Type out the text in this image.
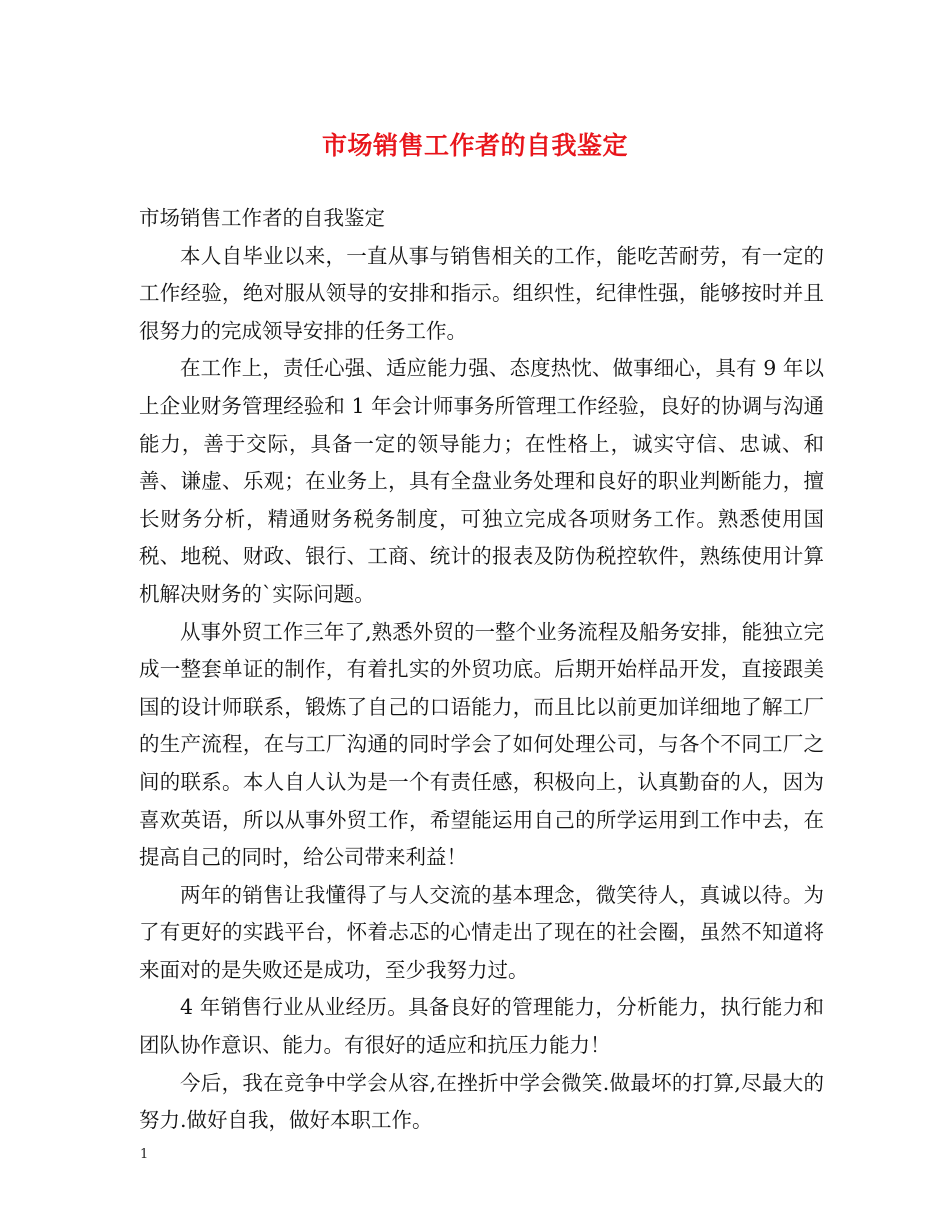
市场销售工作者的自我鉴定

市场销售工作者的自我鉴定

本人自毕业以来，一直从事与销售相关的工作，能吃苦耐劳，有一定的工作经验，绝对服从领导的安排和指示。组织性，纪律性强，能够按时并且很努力的完成领导安排的任务工作。

在工作上，责任心强、适应能力强、态度热忱、做事细心，具有 9 年以上企业财务管理经验和 1 年会计师事务所管理工作经验，良好的协调与沟通能力，善于交际，具备一定的领导能力；在性格上，诚实守信、忠诚、和善、谦虚、乐观；在业务上，具有全盘业务处理和良好的职业判断能力，擅长财务分析，精通财务税务制度，可独立完成各项财务工作。熟悉使用国税、地税、财政、银行、工商、统计的报表及防伪税控软件，熟练使用计算机解决财务的`实际问题。

从事外贸工作三年了,熟悉外贸的一整个业务流程及船务安排，能独立完成一整套单证的制作，有着扎实的外贸功底。后期开始样品开发，直接跟美国的设计师联系，锻炼了自己的口语能力，而且比以前更加详细地了解工厂的生产流程，在与工厂沟通的同时学会了如何处理公司，与各个不同工厂之间的联系。本人自人认为是一个有责任感，积极向上，认真勤奋的人，因为喜欢英语，所以从事外贸工作，希望能运用自己的所学运用到工作中去，在提高自己的同时，给公司带来利益！

两年的销售让我懂得了与人交流的基本理念，微笑待人，真诚以待。为了有更好的实践平台，怀着忐忑的心情走出了现在的社会圈，虽然不知道将来面对的是失败还是成功，至少我努力过。

4 年销售行业从业经历。具备良好的管理能力，分析能力，执行能力和团队协作意识、能力。有很好的适应和抗压力能力！

今后，我在竞争中学会从容,在挫折中学会微笑.做最坏的打算,尽最大的努力.做好自我，做好本职工作。

1
